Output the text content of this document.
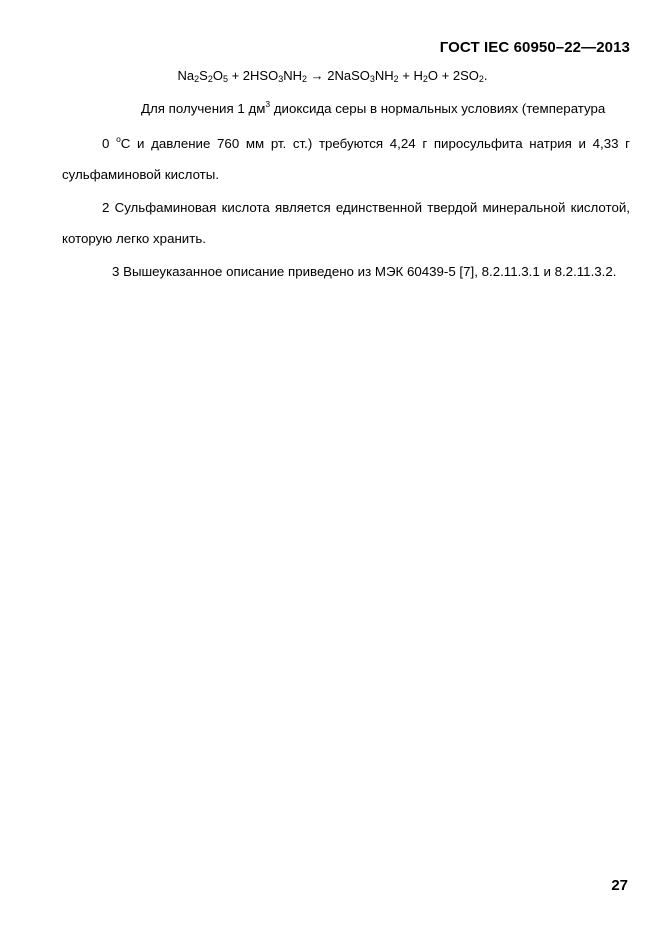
ГОСТ IEC 60950–22—2013
$Na_2S_2O_5 + 2HSO_3NH_2$ → $2NaSO_3NH_2 + H_2O + 2SO_2$.
Для получения 1 $дм^3$ диоксида серы в нормальных условиях (температура
0 $^о$С и давление 760 мм рт. ст.) требуются 4,24 г пиросульфита натрия и 4,33 г
сульфаминовой кислоты.
2 Сульфаминовая кислота является единственной твердой минеральной кислотой,
которую легко хранить.
3 Вышеуказанное описание приведено из МЭК 60439-5 [7], 8.2.11.3.1 и 8.2.11.3.2.
27
